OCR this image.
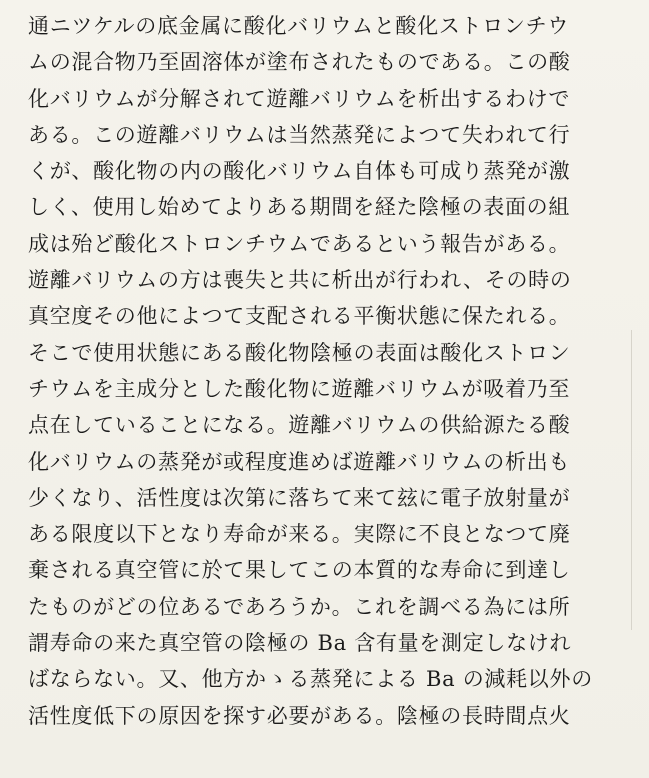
通ニツケルの底金属に酸化バリウムと酸化ストロンチウ
ムの混合物乃至固溶体が塗布されたものである。この酸
化バリウムが分解されて遊離バリウムを析出するわけで
ある。この遊離バリウムは当然蒸発によつて失われて行
くが、酸化物の内の酸化バリウム自体も可成り蒸発が激
しく、使用し始めてよりある期間を経た陰極の表面の組
成は殆ど酸化ストロンチウムであるという報告がある。
遊離バリウムの方は喪失と共に析出が行われ、その時の
真空度その他によつて支配される平衡状態に保たれる。
そこで使用状態にある酸化物陰極の表面は酸化ストロン
チウムを主成分とした酸化物に遊離バリウムが吸着乃至
点在していることになる。遊離バリウムの供給源たる酸
化バリウムの蒸発が或程度進めば遊離バリウムの析出も
少くなり、活性度は次第に落ちて来て玆に電子放射量が
ある限度以下となり寿命が来る。実際に不良となつて廃
棄される真空管に於て果してこの本質的な寿命に到達し
たものがどの位あるであろうか。これを調べる為には所
謂寿命の来た真空管の陰極の Ba 含有量を測定しなけれ
ばならない。又、他方かゝる蒸発による Ba の減耗以外の
活性度低下の原因を探す必要がある。陰極の長時間点火
